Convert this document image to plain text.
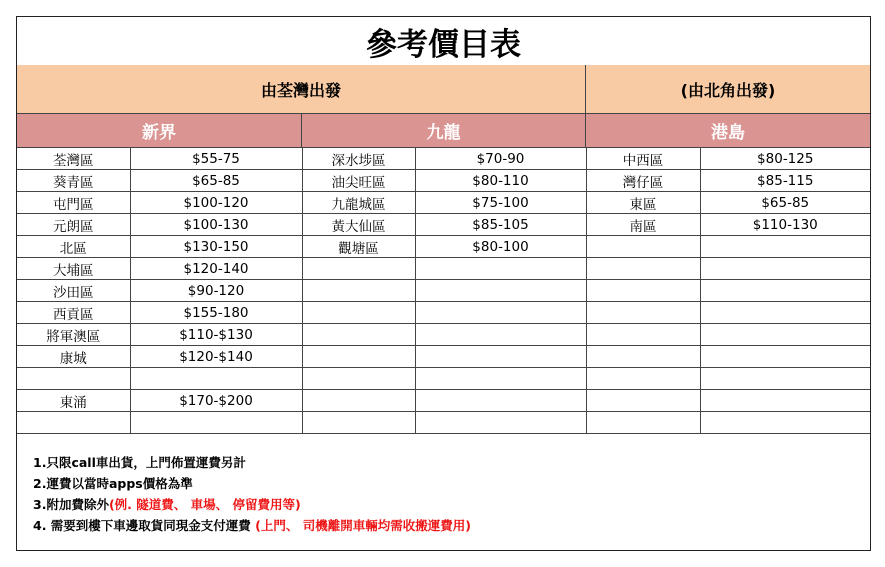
參考價目表
由荃灣出發	(由北角出發)
新界	九龍	港島
荃灣區	$55-75	深水埗區	$70-90	中西區	$80-125
葵青區	$65-85	油尖旺區	$80-110	灣仔區	$85-115
屯門區	$100-120	九龍城區	$75-100	東區	$65-85
元朗區	$100-130	黃大仙區	$85-105	南區	$110-130
北區	$130-150	觀塘區	$80-100		
大埔區	$120-140				
沙田區	$90-120				
西貢區	$155-180				
將軍澳區	$110-$130				
康城	$120-$140				

東涌	$170-$200				

1.只限call車出貨，上門佈置運費另計
2.運費以當時apps價格為準
3.附加費除外(例. 隧道費、 車場、 停留費用等)
4. 需要到樓下車邊取貨同現金支付運費 (上門、 司機離開車輛均需收搬運費用)
